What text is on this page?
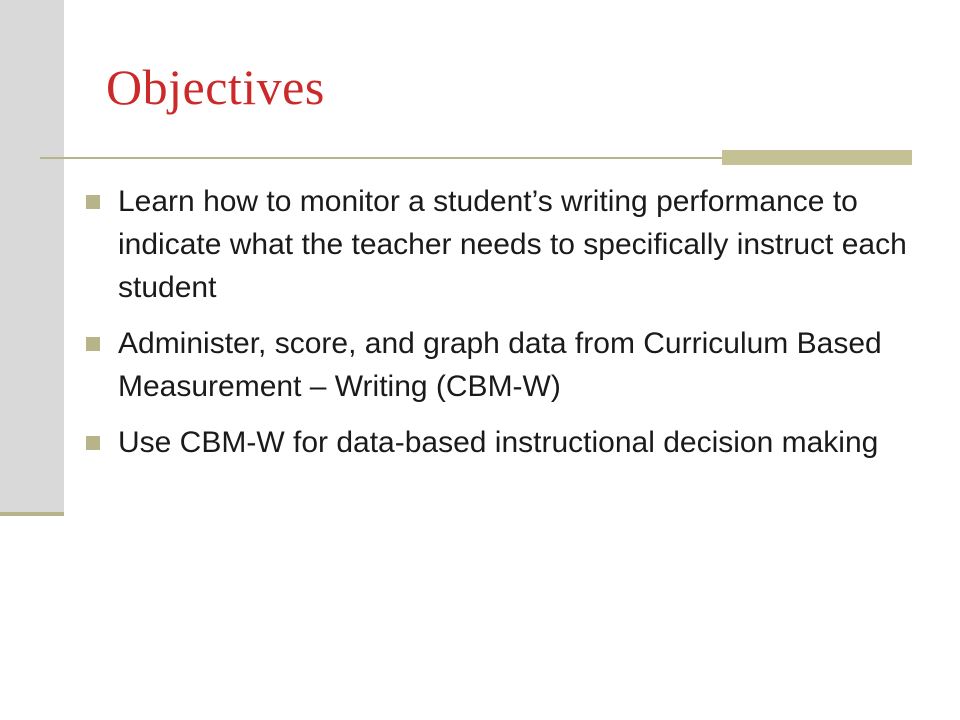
Objectives
Learn how to monitor a student’s writing performance to indicate what the teacher needs to specifically instruct each student
Administer, score, and graph data from Curriculum Based Measurement – Writing (CBM-W)
Use CBM-W for data-based instructional decision making
